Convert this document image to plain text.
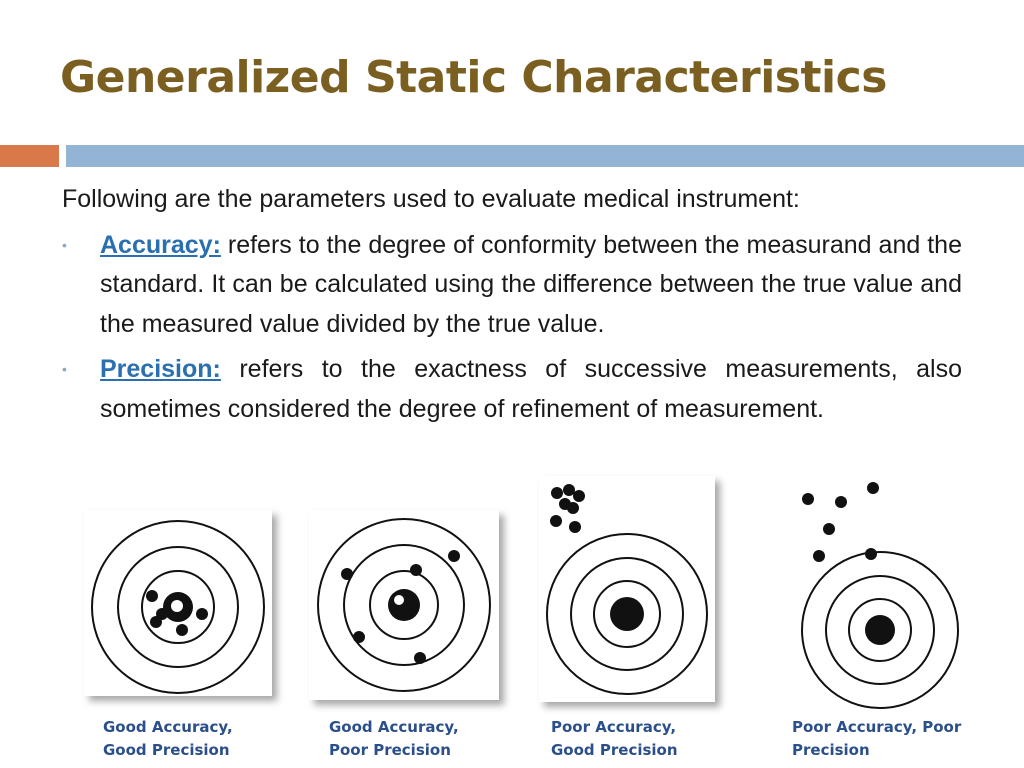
Generalized Static Characteristics

Following are the parameters used to evaluate medical instrument:

• Accuracy: refers to the degree of conformity between the measurand and the standard. It can be calculated using the difference between the true value and the measured value divided by the true value.
• Precision: refers to the exactness of successive measurements, also sometimes considered the degree of refinement of measurement.
Good Accuracy,
Good Precision
Good Accuracy,
Poor Precision
Poor Accuracy,
Good Precision
Poor Accuracy, Poor
Precision
